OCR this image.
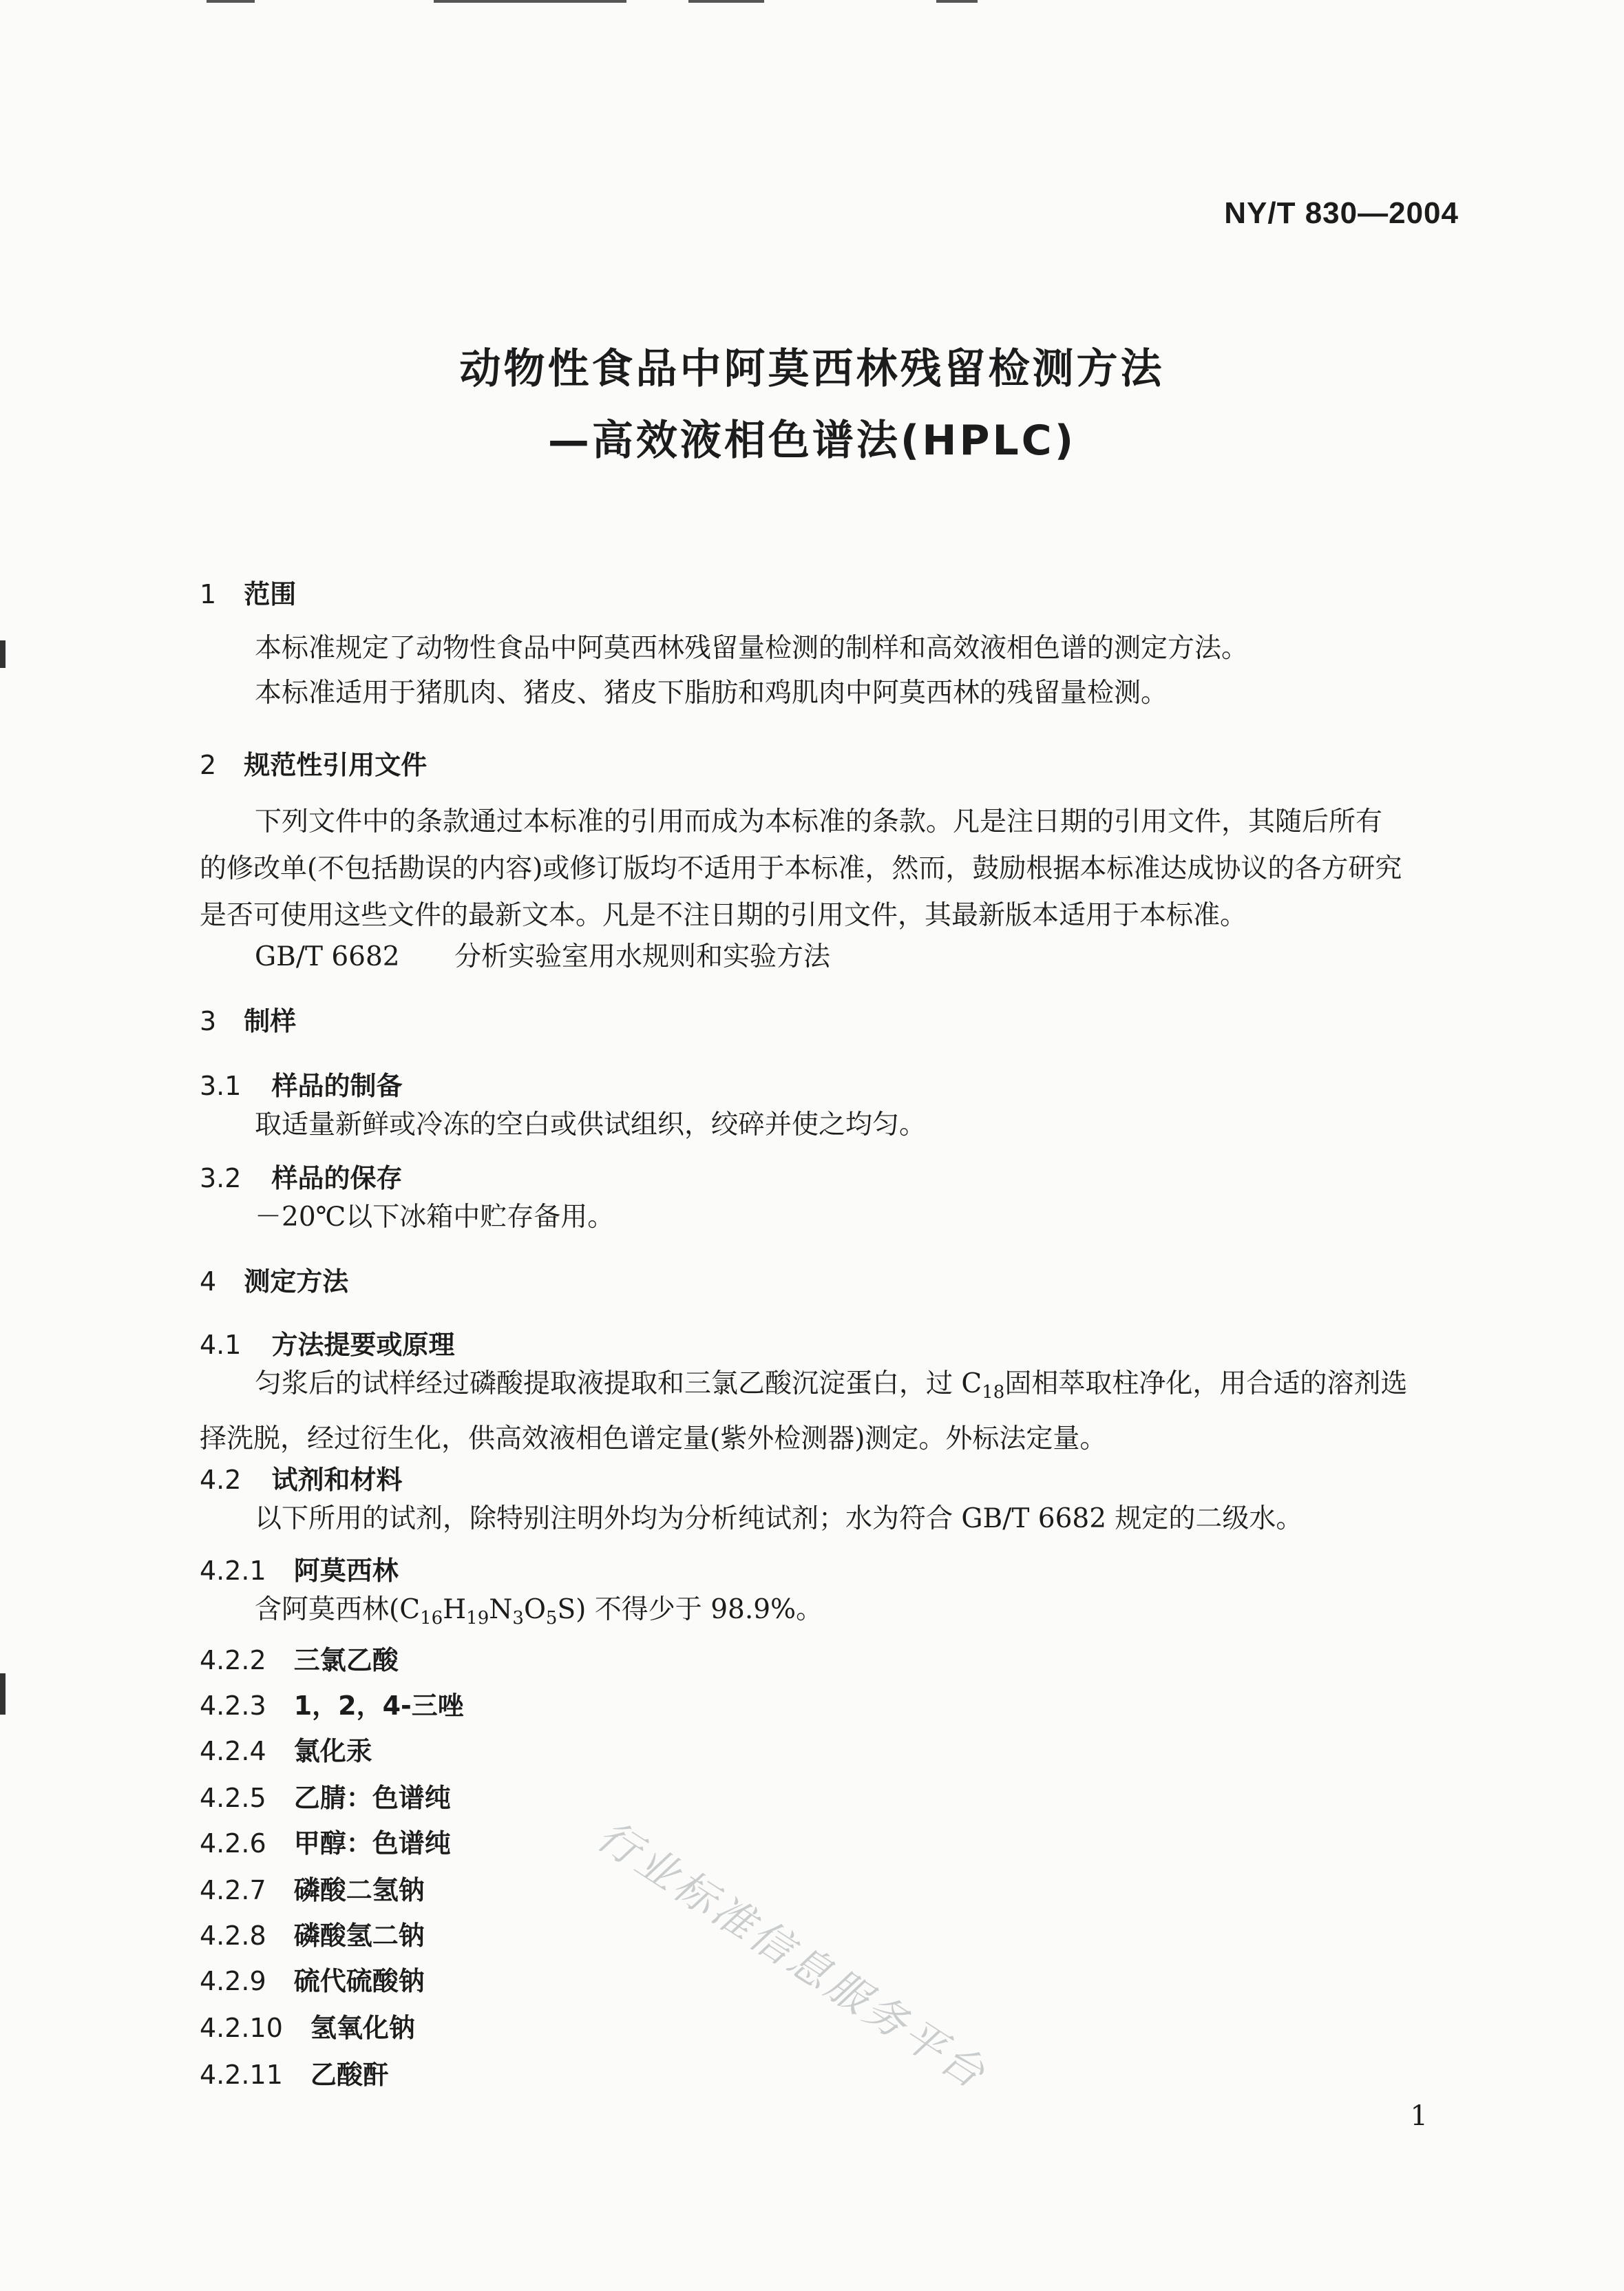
NY/T 830—2004
动物性食品中阿莫西林残留检测方法
—高效液相色谱法(HPLC)
1 范围
本标准规定了动物性食品中阿莫西林残留量检测的制样和高效液相色谱的测定方法。
本标准适用于猪肌肉、猪皮、猪皮下脂肪和鸡肌肉中阿莫西林的残留量检测。
2 规范性引用文件
下列文件中的条款通过本标准的引用而成为本标准的条款。凡是注日期的引用文件，其随后所有
的修改单(不包括勘误的内容)或修订版均不适用于本标准，然而，鼓励根据本标准达成协议的各方研究
是否可使用这些文件的最新文本。凡是不注日期的引用文件，其最新版本适用于本标准。
GB/T 6682 分析实验室用水规则和实验方法
3 制样
3.1 样品的制备
取适量新鲜或冷冻的空白或供试组织，绞碎并使之均匀。
3.2 样品的保存
－20℃以下冰箱中贮存备用。
4 测定方法
4.1 方法提要或原理
匀浆后的试样经过磷酸提取液提取和三氯乙酸沉淀蛋白，过 $C_{18}$固相萃取柱净化，用合适的溶剂选
择洗脱，经过衍生化，供高效液相色谱定量(紫外检测器)测定。外标法定量。
4.2 试剂和材料
以下所用的试剂，除特别注明外均为分析纯试剂；水为符合 GB/T 6682 规定的二级水。
4.2.1 阿莫西林
含阿莫西林$(C_{16}H_{19}N_3O_5S)$ 不得少于 98.9%。
4.2.2 三氯乙酸
4.2.3 1，2，4-三唑
4.2.4 氯化汞
4.2.5 乙腈：色谱纯
4.2.6 甲醇：色谱纯
4.2.7 磷酸二氢钠
4.2.8 磷酸氢二钠
4.2.9 硫代硫酸钠
4.2.10 氢氧化钠
4.2.11 乙酸酐	行业标准信息服务平台
1
